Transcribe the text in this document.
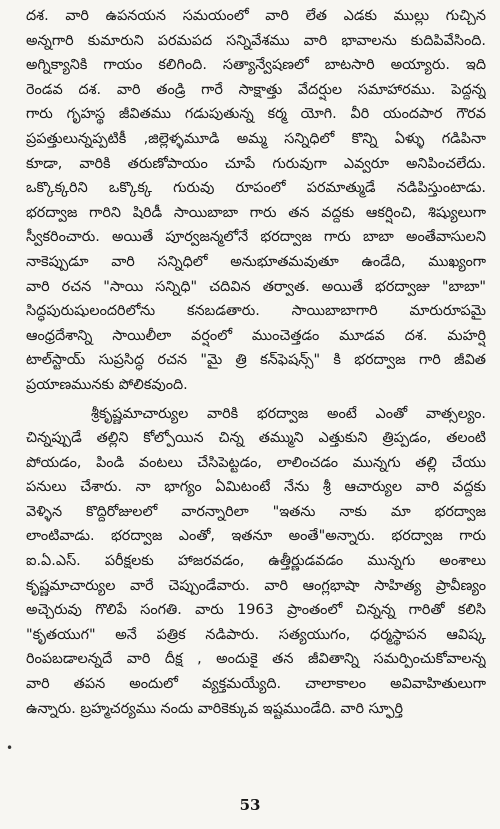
దశ. వారి ఉపనయన సమయంలో వారి లేత ఎడకు ముల్లు గుచ్చిన
అన్నగారి కుమారుని పరమపద సన్నివేశము వారి భావాలను కుదిపివేసింది.
అగ్నిక్యానికి గాయం కలిగింది. సత్యాన్వేషణలో బాటసారి అయ్యారు. ఇది
రెండవ దశ. వారి తండ్రి గారే సాక్షాత్తు వేదర్షుల సమాహారము. పెద్దన్న
గారు గృహస్థ జీవితము గడుపుతున్న కర్మ యోగి. వీరి యందపార గౌరవ
ప్రపత్తులున్నప్పటికీ ,జిల్లెళ్ళమూడి అమ్మ సన్నిధిలో కొన్ని ఏళ్ళు గడిపినా
కూడా, వారికి తరుణోపాయం చూపే గురువుగా ఎవ్వరూ అనిపించలేదు.
ఒక్కొక్కరిని ఒక్కొక్క గురువు రూపంలో పరమాత్ముడే నడిపిస్తుంటాడు.
భరద్వాజ గారిని షిరిడీ సాయిబాబా గారు తన వద్దకు ఆకర్షించి, శిష్యులుగా
స్వీకరించారు. అయితే పూర్వజన్మలోనే భరద్వాజ గారు బాబా అంతేవాసులని
నాకెప్పుడూ వారి సన్నిధిలో అనుభూతమవుతూ ఉండేది, ముఖ్యంగా
వారి రచన "సాయి సన్నిధి" చదివిన తర్వాత. అయితే భరద్వాజు "బాబా"
సిద్ధపురుషులందరిలోను కనబడతారు. సాయిబాబాగారి మారురూపమై
ఆంధ్రదేశాన్ని సాయిలీలా వర్షంలో ముంచెత్తడం మూడవ దశ. మహర్షి
టాల్‌స్టాయ్ సుప్రసిద్ధ రచన "మై త్రి కన్‌ఫెషన్స్" కి భరద్వాజ గారి జీవిత
ప్రయాణమునకు పోలికవుంది.
శ్రీకృష్ణమాచార్యుల వారికి భరద్వాజ అంటే ఎంతో వాత్సల్యం.
చిన్నప్పుడే తల్లిని కోల్పోయిన చిన్న తమ్ముని ఎత్తుకుని త్రిప్పడం, తలంటి
పోయడం, పిండి వంటలు చేసిపెట్టడం, లాలించడం మున్నగు తల్లి చేయు
పనులు చేశారు. నా భాగ్యం ఏమిటంటే నేను శ్రీ ఆచార్యుల వారి వద్దకు
వెళ్ళిన కొద్దిరోజులలో వారన్నారిలా "ఇతను నాకు మా భరద్వాజ
లాంటివాడు. భరద్వాజ ఎంతో, ఇతనూ అంతే"అన్నారు. భరద్వాజ గారు
ఐ.ఏ.ఎస్. పరీక్షలకు హాజరవడం, ఉత్తీర్ణుడవడం మున్నగు అంశాలు
కృష్ణమాచార్యుల వారే చెప్పుండేవారు. వారి ఆంగ్లభాషా సాహిత్య ప్రావీణ్యం
అచ్చెరువు గొలిపే సంగతి. వారు 1963 ప్రాంతంలో చిన్నన్న గారితో కలిసి
"కృతయుగ" అనే పత్రిక నడిపారు. సత్యయుగం, ధర్మస్థాపన ఆవిష్క
రింపబడాలన్నదే వారి దీక్ష , అందుకై తన జీవితాన్ని సమర్పించుకోవాలన్న
వారి తపన అందులో వ్యక్తమయ్యేది. చాలాకాలం అవివాహితులుగా
ఉన్నారు. బ్రహ్మచర్యము నందు వారికెక్కువ ఇష్టముండేది. వారి స్ఫూర్తి
•
53
